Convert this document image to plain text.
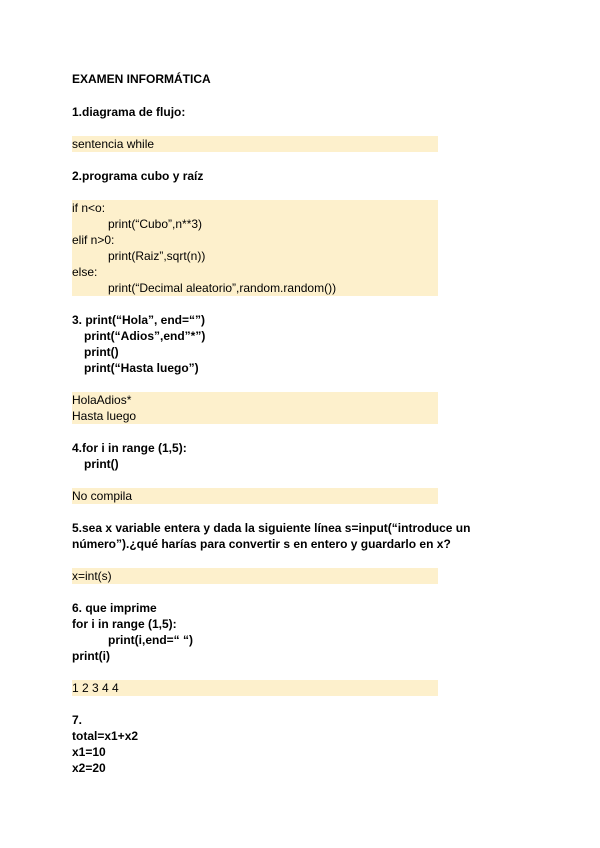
EXAMEN INFORMÁTICA
1.diagrama de flujo:
sentencia while
2.programa cubo y raíz
if n<o:
print(“Cubo”,n**3)
elif n>0:
print(Raiz”,sqrt(n))
else:
print(“Decimal aleatorio”,random.random())
3. print(“Hola”, end=“”)
print(“Adios”,end”*”)
print()
print(“Hasta luego”)
HolaAdios*
Hasta luego
4.for i in range (1,5):
print()
No compila
5.sea x variable entera y dada la siguiente línea s=input(“introduce un
número”).¿qué harías para convertir s en entero y guardarlo en x?
x=int(s)
6. que imprime
for i in range (1,5):
print(i,end=“ “)
print(i)
1 2 3 4 4
7.
total=x1+x2
x1=10
x2=20
